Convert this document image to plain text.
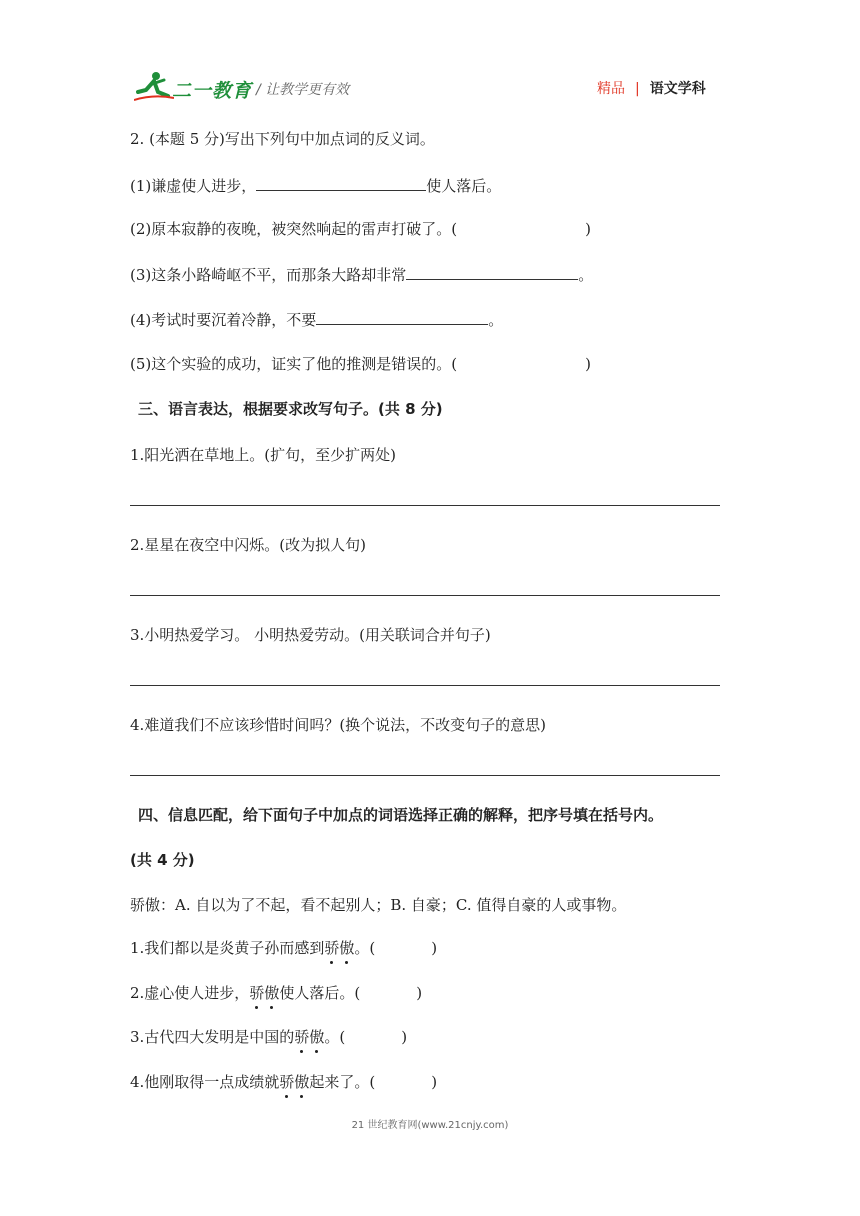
二一教育 / 让教学更有效	精品 | 语文学科
2. (本题 5 分)写出下列句中加点词的反义词。
(1)谦虚使人进步，	使人落后。
(2)原本寂静的夜晚，被突然响起的雷声打破了。(	)
(3)这条小路崎岖不平，而那条大路却非常	。
(4)考试时要沉着冷静，不要	。
(5)这个实验的成功，证实了他的推测是错误的。(	)
三、语言表达，根据要求改写句子。(共 8 分)
1.阳光洒在草地上。(扩句，至少扩两处)
2.星星在夜空中闪烁。(改为拟人句)
3.小明热爱学习。 小明热爱劳动。(用关联词合并句子)
4.难道我们不应该珍惜时间吗？(换个说法，不改变句子的意思)
四、信息匹配，给下面句子中加点的词语选择正确的解释，把序号填在括号内。
(共 4 分)
骄傲：A. 自以为了不起，看不起别人；B. 自豪；C. 值得自豪的人或事物。
1.我们都以是炎黄子孙而感到骄傲。(	)
2.虚心使人进步，骄傲使人落后。(	)
3.古代四大发明是中国的骄傲。(	)
4.他刚取得一点成绩就骄傲起来了。(	)
21 世纪教育网(www.21cnjy.com)
